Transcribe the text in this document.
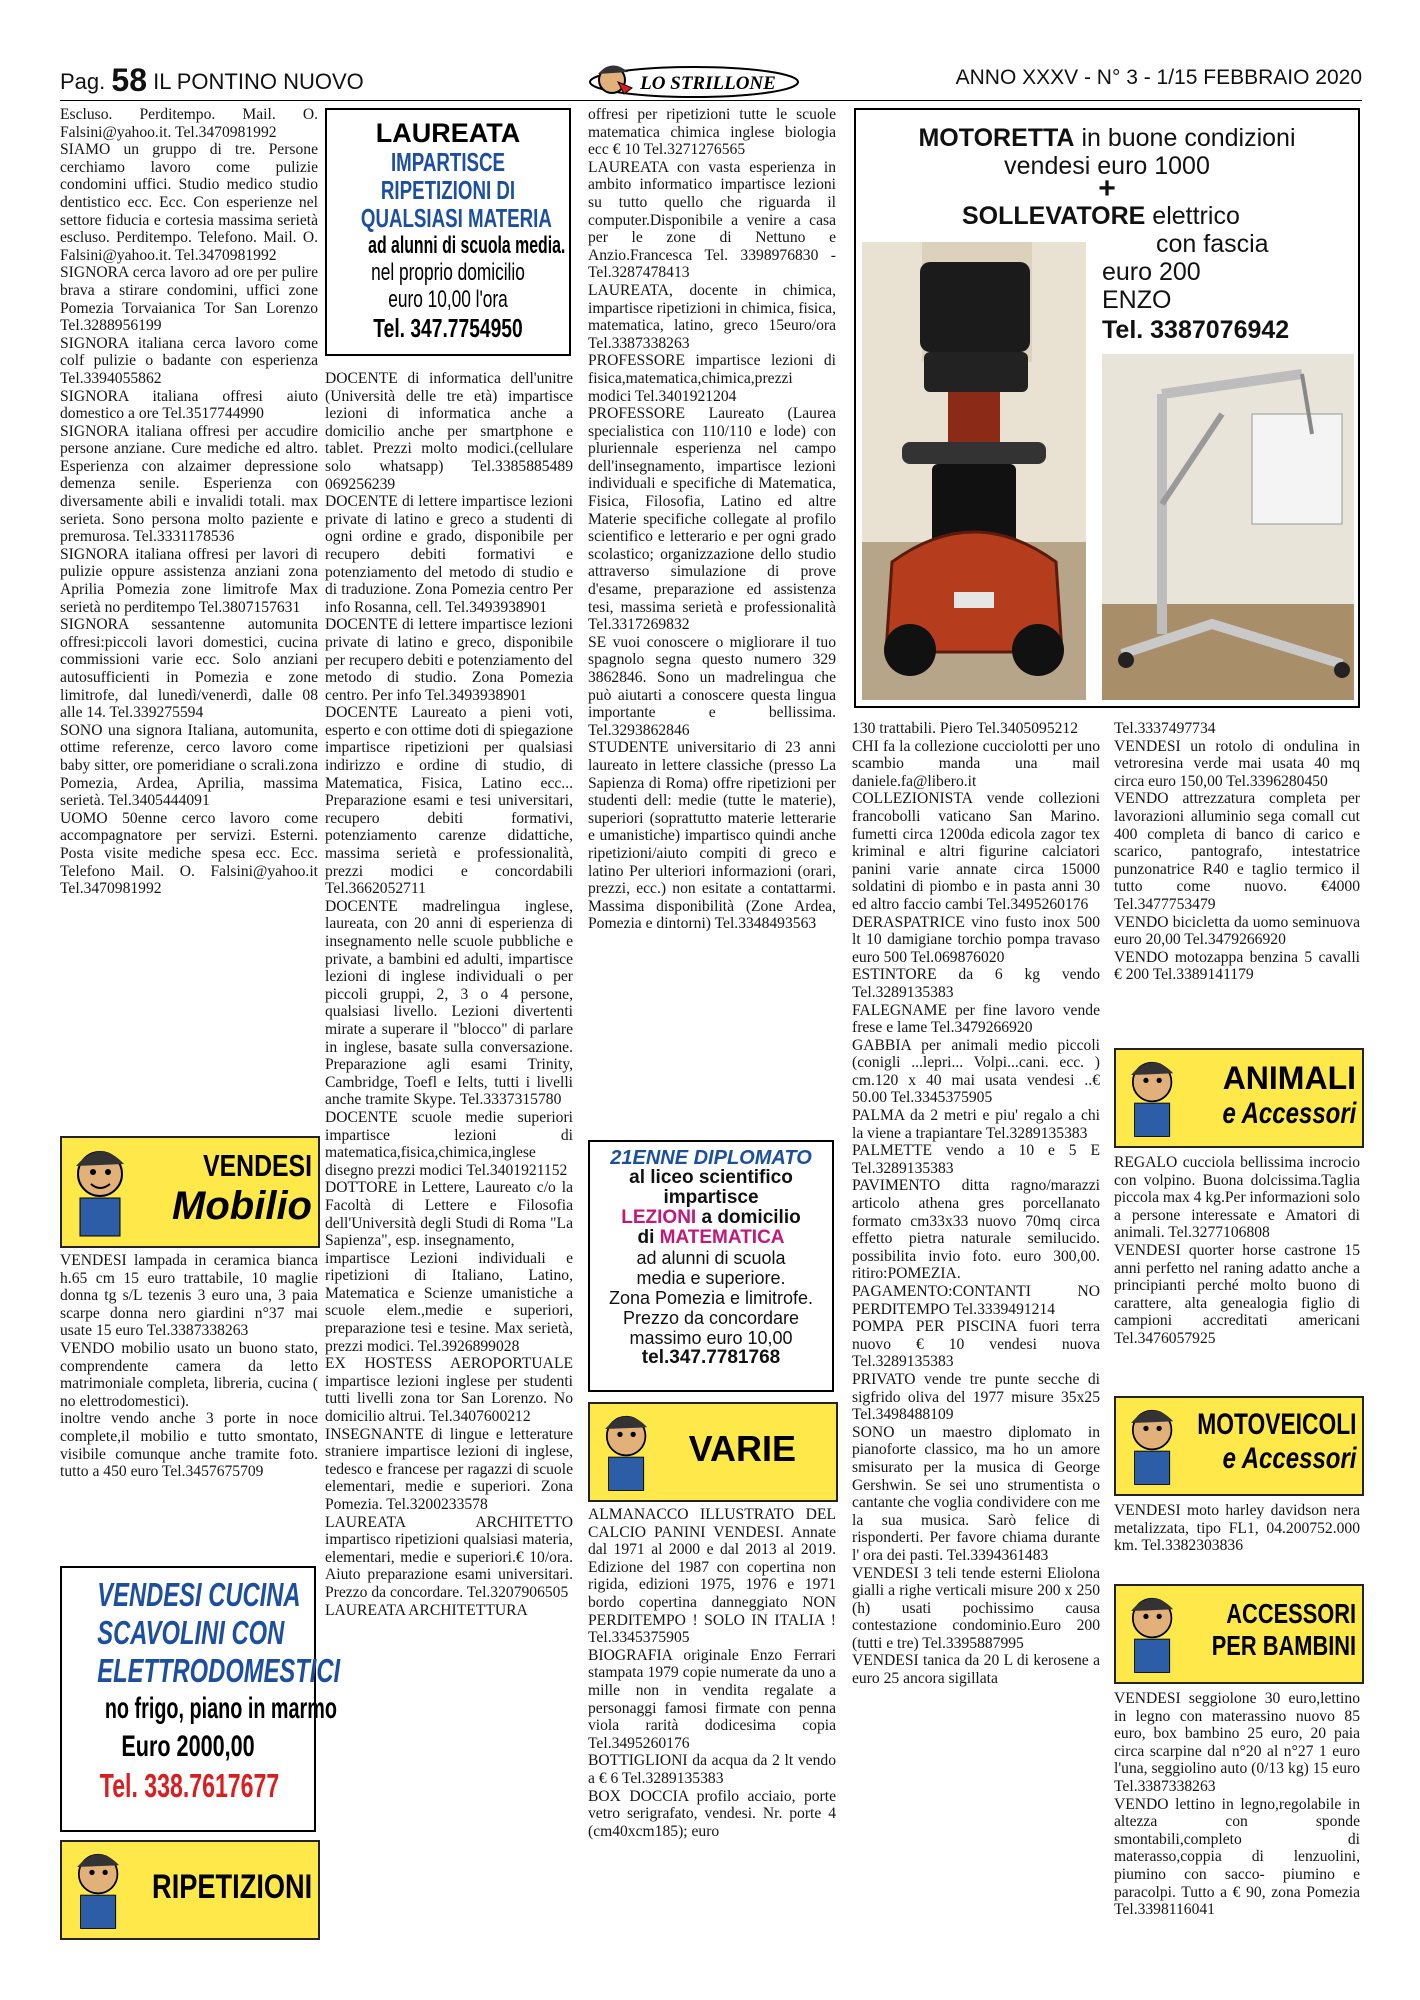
Pag. 58 IL PONTINO NUOVO	LO STRILLONE	ANNO XXXV - N° 3 - 1/15 FEBBRAIO 2020

Escluso. Perditempo. Mail. O. Falsini@yahoo.it. Tel.3470981992

SIAMO un gruppo di tre. Persone cerchiamo lavoro come pulizie condomini uffici. Studio medico studio dentistico ecc. Ecc. Con esperienze nel settore fiducia e cortesia massima serietà escluso. Perditempo. Telefono. Mail. O. Falsini@yahoo.it. Tel.3470981992

SIGNORA cerca lavoro ad ore per pulire brava a stirare condomini, uffici zone Pomezia Torvaianica Tor San Lorenzo Tel.3288956199

SIGNORA italiana cerca lavoro come colf pulizie o badante con esperienza Tel.3394055862

SIGNORA italiana offresi aiuto domestico a ore Tel.3517744990

SIGNORA italiana offresi per accudire persone anziane. Cure mediche ed altro. Esperienza con alzaimer depressione demenza senile. Esperienza con diversamente abili e invalidi totali. max serieta. Sono persona molto paziente e premurosa. Tel.3331178536

SIGNORA italiana offresi per lavori di pulizie oppure assistenza anziani zona Aprilia Pomezia zone limitrofe Max serietà no perditempo Tel.3807157631

SIGNORA sessantenne automunita offresi:piccoli lavori domestici, cucina commissioni varie ecc. Solo anziani autosufficienti in Pomezia e zone limitrofe, dal lunedì/venerdì, dalle 08 alle 14. Tel.339275594

SONO una signora Italiana, automunita, ottime referenze, cerco lavoro come baby sitter, ore pomeridiane o scrali.zona Pomezia, Ardea, Aprilia, massima serietà. Tel.3405444091

UOMO 50enne cerco lavoro come accompagnatore per servizi. Esterni. Posta visite mediche spesa ecc. Ecc. Telefono Mail. O. Falsini@yahoo.it Tel.3470981992

VENDESI
Mobilio

VENDESI lampada in ceramica bianca h.65 cm 15 euro trattabile, 10 maglie donna tg s/L tezenis 3 euro una, 3 paia scarpe donna nero giardini n°37 mai usate 15 euro Tel.3387338263

VENDO mobilio usato un buono stato, comprendente camera da letto matrimoniale completa, libreria, cucina ( no elettrodomestici).

inoltre vendo anche 3 porte in noce complete,il mobilio e tutto smontato, visibile comunque anche tramite foto. tutto a 450 euro Tel.3457675709

VENDESI CUCINA
SCAVOLINI CON
ELETTRODOMESTICI
no frigo, piano in marmo
Euro 2000,00
Tel. 338.7617677
RIPETIZIONI
LAUREATA
IMPARTISCE
RIPETIZIONI DI
QUALSIASI MATERIA
ad alunni di scuola media.
nel proprio domicilio
euro 10,00 l'ora
Tel. 347.7754950

DOCENTE di informatica dell'unitre (Università delle tre età) impartisce lezioni di informatica anche a domicilio anche per smartphone e tablet. Prezzi molto modici.(cellulare solo whatsapp) Tel.3385885489 069256239

DOCENTE di lettere impartisce lezioni private di latino e greco a studenti di ogni ordine e grado, disponibile per recupero debiti formativi e potenziamento del metodo di studio e di traduzione. Zona Pomezia centro Per info Rosanna, cell. Tel.3493938901

DOCENTE di lettere impartisce lezioni private di latino e greco, disponibile per recupero debiti e potenziamento del metodo di studio. Zona Pomezia centro. Per info Tel.3493938901

DOCENTE Laureato a pieni voti, esperto e con ottime doti di spiegazione impartisce ripetizioni per qualsiasi indirizzo e ordine di studio, di Matematica, Fisica, Latino ecc... Preparazione esami e tesi universitari, recupero debiti formativi, potenziamento carenze didattiche, massima serietà e professionalità, prezzi modici e concordabili Tel.3662052711

DOCENTE madrelingua inglese, laureata, con 20 anni di esperienza di insegnamento nelle scuole pubbliche e private, a bambini ed adulti, impartisce lezioni di inglese individuali o per piccoli gruppi, 2, 3 o 4 persone, qualsiasi livello. Lezioni divertenti mirate a superare il "blocco" di parlare in inglese, basate sulla conversazione. Preparazione agli esami Trinity, Cambridge, Toefl e Ielts, tutti i livelli anche tramite Skype. Tel.3337315780

DOCENTE scuole medie superiori impartisce lezioni di matematica,fisica,chimica,inglese disegno prezzi modici Tel.3401921152

DOTTORE in Lettere, Laureato c/o la Facoltà di Lettere e Filosofia dell'Università degli Studi di Roma "La Sapienza", esp. insegnamento,

impartisce Lezioni individuali e ripetizioni di Italiano, Latino, Matematica e Scienze umanistiche a scuole elem.,medie e superiori, preparazione tesi e tesine. Max serietà, prezzi modici. Tel.3926899028

EX HOSTESS AEROPORTUALE impartisce lezioni inglese per studenti tutti livelli zona tor San Lorenzo. No domicilio altrui. Tel.3407600212

INSEGNANTE di lingue e letterature straniere impartisce lezioni di inglese, tedesco e francese per ragazzi di scuole elementari, medie e superiori. Zona Pomezia. Tel.3200233578

LAUREATA ARCHITETTO impartisco ripetizioni qualsiasi materia, elementari, medie e superiori.€ 10/ora. Aiuto preparazione esami universitari. Prezzo da concordare. Tel.3207906505

LAUREATA ARCHITETTURA

offresi per ripetizioni tutte le scuole matematica chimica inglese biologia ecc € 10 Tel.3271276565

LAUREATA con vasta esperienza in ambito informatico impartisce lezioni su tutto quello che riguarda il computer.Disponibile a venire a casa per le zone di Nettuno e Anzio.Francesca Tel. 3398976830 - Tel.3287478413

LAUREATA, docente in chimica, impartisce ripetizioni in chimica, fisica, matematica, latino, greco 15euro/ora Tel.3387338263

PROFESSORE impartisce lezioni di fisica,matematica,chimica,prezzi modici Tel.3401921204

PROFESSORE Laureato (Laurea specialistica con 110/110 e lode) con pluriennale esperienza nel campo dell'insegnamento, impartisce lezioni individuali e specifiche di Matematica, Fisica, Filosofia, Latino ed altre Materie specifiche collegate al profilo scientifico e letterario e per ogni grado scolastico; organizzazione dello studio attraverso simulazione di prove d'esame, preparazione ed assistenza tesi, massima serietà e professionalità Tel.3317269832

SE vuoi conoscere o migliorare il tuo spagnolo segna questo numero 329 3862846. Sono un madrelingua che può aiutarti a conoscere questa lingua importante e bellissima. Tel.3293862846

STUDENTE universitario di 23 anni laureato in lettere classiche (presso La Sapienza di Roma) offre ripetizioni per studenti dell: medie (tutte le materie), superiori (soprattutto materie letterarie e umanistiche) impartisco quindi anche ripetizioni/aiuto compiti di greco e latino Per ulteriori informazioni (orari, prezzi, ecc.) non esitate a contattarmi. Massima disponibilità (Zone Ardea, Pomezia e dintorni) Tel.3348493563

21ENNE DIPLOMATO
al liceo scientifico
impartisce
LEZIONI a domicilio
di MATEMATICA
ad alunni di scuola
media e superiore.
Zona Pomezia e limitrofe.
Prezzo da concordare
massimo euro 10,00
tel.347.7781768
VARIE

ALMANACCO ILLUSTRATO DEL CALCIO PANINI VENDESI. Annate dal 1971 al 2000 e dal 2013 al 2019. Edizione del 1987 con copertina non rigida, edizioni 1975, 1976 e 1971 bordo copertina danneggiato NON PERDITEMPO ! SOLO IN ITALIA ! Tel.3345375905

BIOGRAFIA originale Enzo Ferrari stampata 1979 copie numerate da uno a mille non in vendita regalate a personaggi famosi firmate con penna viola rarità dodicesima copia Tel.3495260176

BOTTIGLIONI da acqua da 2 lt vendo a € 6 Tel.3289135383

BOX DOCCIA profilo acciaio, porte vetro serigrafato, vendesi. Nr. porte 4 (cm40xcm185); euro

MOTORETTA in buone condizioni
vendesi euro 1000
+
SOLLEVATORE elettrico
con fascia
euro 200
ENZO
Tel. 3387076942

130 trattabili. Piero Tel.3405095212

CHI fa la collezione cucciolotti per uno scambio manda una mail daniele.fa@libero.it

COLLEZIONISTA vende collezioni francobolli vaticano San Marino. fumetti circa 1200da edicola zagor tex kriminal e altri figurine calciatori panini varie annate circa 15000 soldatini di piombo e in pasta anni 30 ed altro faccio cambi Tel.3495260176

DERASPATRICE vino fusto inox 500 lt 10 damigiane torchio pompa travaso euro 500 Tel.069876020

ESTINTORE da 6 kg vendo Tel.3289135383

FALEGNAME per fine lavoro vende frese e lame Tel.3479266920

GABBIA per animali medio piccoli (conigli ...lepri... Volpi...cani. ecc. ) cm.120 x 40 mai usata vendesi ..€ 50.00 Tel.3345375905

PALMA da 2 metri e piu' regalo a chi la viene a trapiantare Tel.3289135383

PALMETTE vendo a 10 e 5 E Tel.3289135383

PAVIMENTO ditta ragno/marazzi articolo athena gres porcellanato formato cm33x33 nuovo 70mq circa effetto pietra naturale semilucido. possibilita invio foto. euro 300,00. ritiro:POMEZIA. PAGAMENTO:CONTANTI NO PERDITEMPO Tel.3339491214

POMPA PER PISCINA fuori terra nuovo € 10 vendesi nuova Tel.3289135383

PRIVATO vende tre punte secche di sigfrido oliva del 1977 misure 35x25 Tel.3498488109

SONO un maestro diplomato in pianoforte classico, ma ho un amore smisurato per la musica di George Gershwin. Se sei uno strumentista o cantante che voglia condividere con me la sua musica. Sarò felice di risponderti. Per favore chiama durante l' ora dei pasti. Tel.3394361483

VENDESI 3 teli tende esterni Eliolona gialli a righe verticali misure 200 x 250 (h) usati pochissimo causa contestazione condominio.Euro 200 (tutti e tre) Tel.3395887995

VENDESI tanica da 20 L di kerosene a euro 25 ancora sigillata

Tel.3337497734

VENDESI un rotolo di ondulina in vetroresina verde mai usata 40 mq circa euro 150,00 Tel.3396280450

VENDO attrezzatura completa per lavorazioni alluminio sega comall cut 400 completa di banco di carico e scarico, pantografo, intestatrice punzonatrice R40 e taglio termico il tutto come nuovo. €4000 Tel.3477753479

VENDO bicicletta da uomo seminuova euro 20,00 Tel.3479266920

VENDO motozappa benzina 5 cavalli € 200 Tel.3389141179

ANIMALI
e Accessori

REGALO cucciola bellissima incrocio con volpino. Buona dolcissima.Taglia piccola max 4 kg.Per informazioni solo a persone interessate e Amatori di animali. Tel.3277106808

VENDESI quorter horse castrone 15 anni perfetto nel raning adatto anche a principianti perché molto buono di carattere, alta genealogia figlio di campioni accreditati americani Tel.3476057925

MOTOVEICOLI
e Accessori

VENDESI moto harley davidson nera metalizzata, tipo FL1, 04.200752.000 km. Tel.3382303836

ACCESSORI
PER BAMBINI

VENDESI seggiolone 30 euro,lettino in legno con materassino nuovo 85 euro, box bambino 25 euro, 20 paia circa scarpine dal n°20 al n°27 1 euro l'una, seggiolino auto (0/13 kg) 15 euro Tel.3387338263

VENDO lettino in legno,regolabile in altezza con sponde smontabili,completo di materasso,coppia di lenzuolini, piumino con sacco- piumino e paracolpi. Tutto a € 90, zona Pomezia Tel.3398116041
